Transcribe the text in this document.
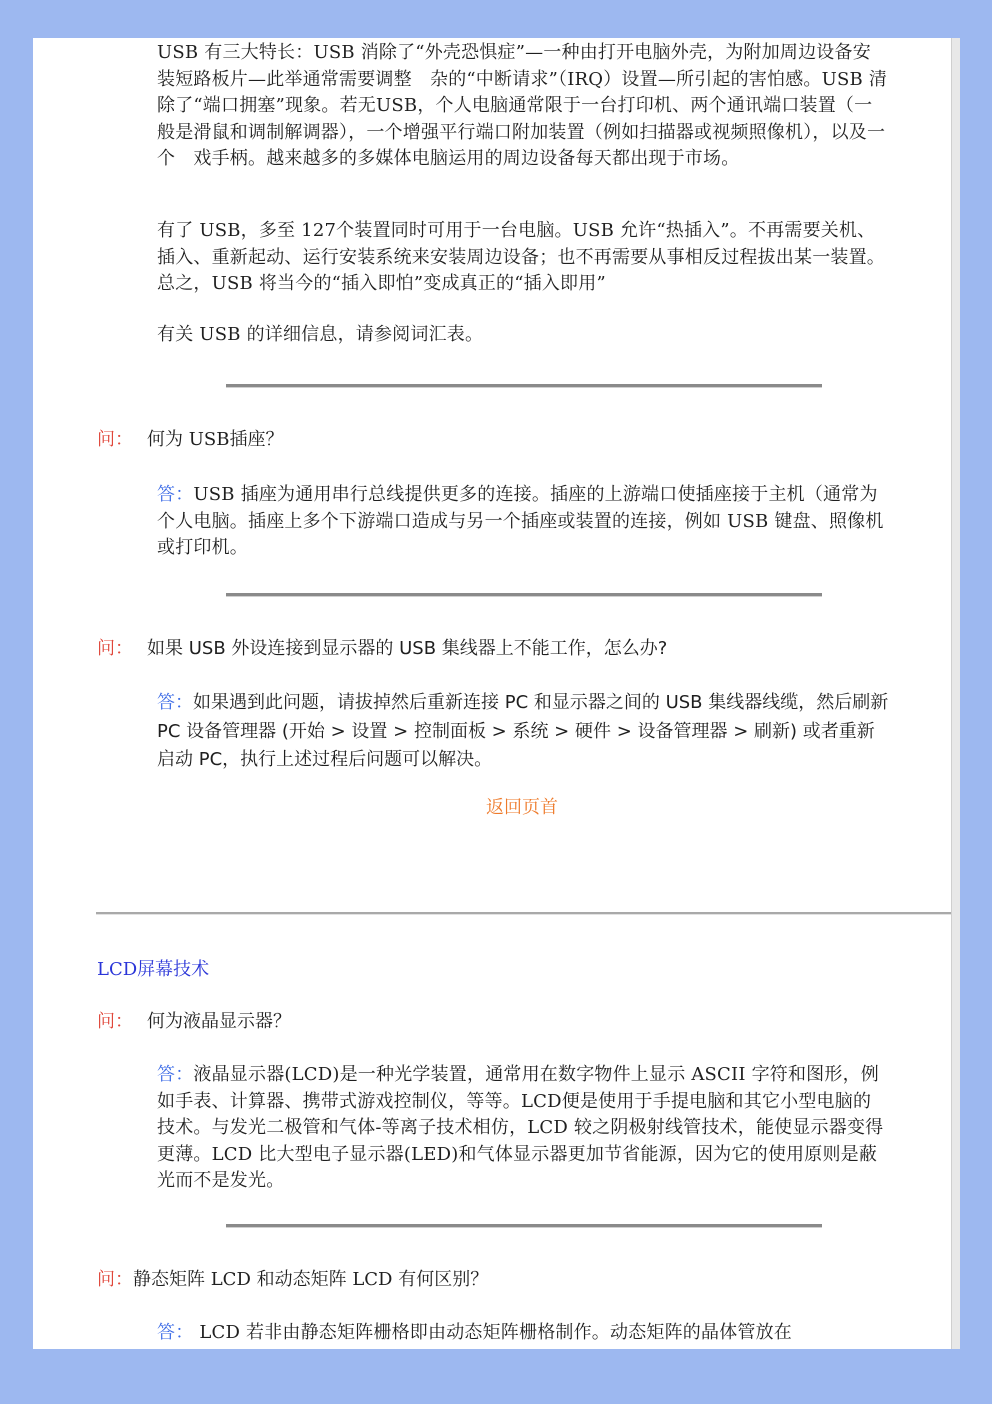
USB 有三大特长：USB 消除了“外壳恐惧症”—一种由打开电脑外壳，为附加周边设备安装短路板片—此举通常需要调整　杂的“中断请求”（IRQ）设置—所引起的害怕感。USB 清除了“端口拥塞”现象。若无USB，个人电脑通常限于一台打印机、两个通讯端口装置（一般是滑鼠和调制解调器），一个增强平行端口附加装置（例如扫描器或视频照像机），以及一个　戏手柄。越来越多的多媒体电脑运用的周边设备每天都出现于市场。

有了 USB，多至 127个装置同时可用于一台电脑。USB 允许“热插入”。不再需要关机、插入、重新起动、运行安装系统来安装周边设备；也不再需要从事相反过程拔出某一装置。总之，USB 将当今的“插入即怕”变成真正的“插入即用”

有关 USB 的详细信息，请参阅词汇表。

问： 何为 USB插座？

答：USB 插座为通用串行总线提供更多的连接。插座的上游端口使插座接于主机（通常为个人电脑。插座上多个下游端口造成与另一个插座或装置的连接，例如 USB 键盘、照像机或打印机。

问： 如果 USB 外设连接到显示器的 USB 集线器上不能工作，怎么办?

答：如果遇到此问题，请拔掉然后重新连接 PC 和显示器之间的 USB 集线器线缆，然后刷新 PC 设备管理器 (开始 > 设置 > 控制面板 > 系统 > 硬件 > 设备管理器 > 刷新) 或者重新启动 PC，执行上述过程后问题可以解决。

返回页首
LCD屏幕技术
问： 何为液晶显示器？

答：液晶显示器(LCD)是一种光学装置，通常用在数字物件上显示 ASCII 字符和图形，例如手表、计算器、携带式游戏控制仪，等等。LCD便是使用于手提电脑和其它小型电脑的技术。与发光二极管和气体-等离子技术相仿，LCD 较之阴极射线管技术，能使显示器变得更薄。LCD 比大型电子显示器(LED)和气体显示器更加节省能源，因为它的使用原则是蔽光而不是发光。

问：静态矩阵 LCD 和动态矩阵 LCD 有何区别？

答： LCD 若非由静态矩阵栅格即由动态矩阵栅格制作。动态矩阵的晶体管放在
